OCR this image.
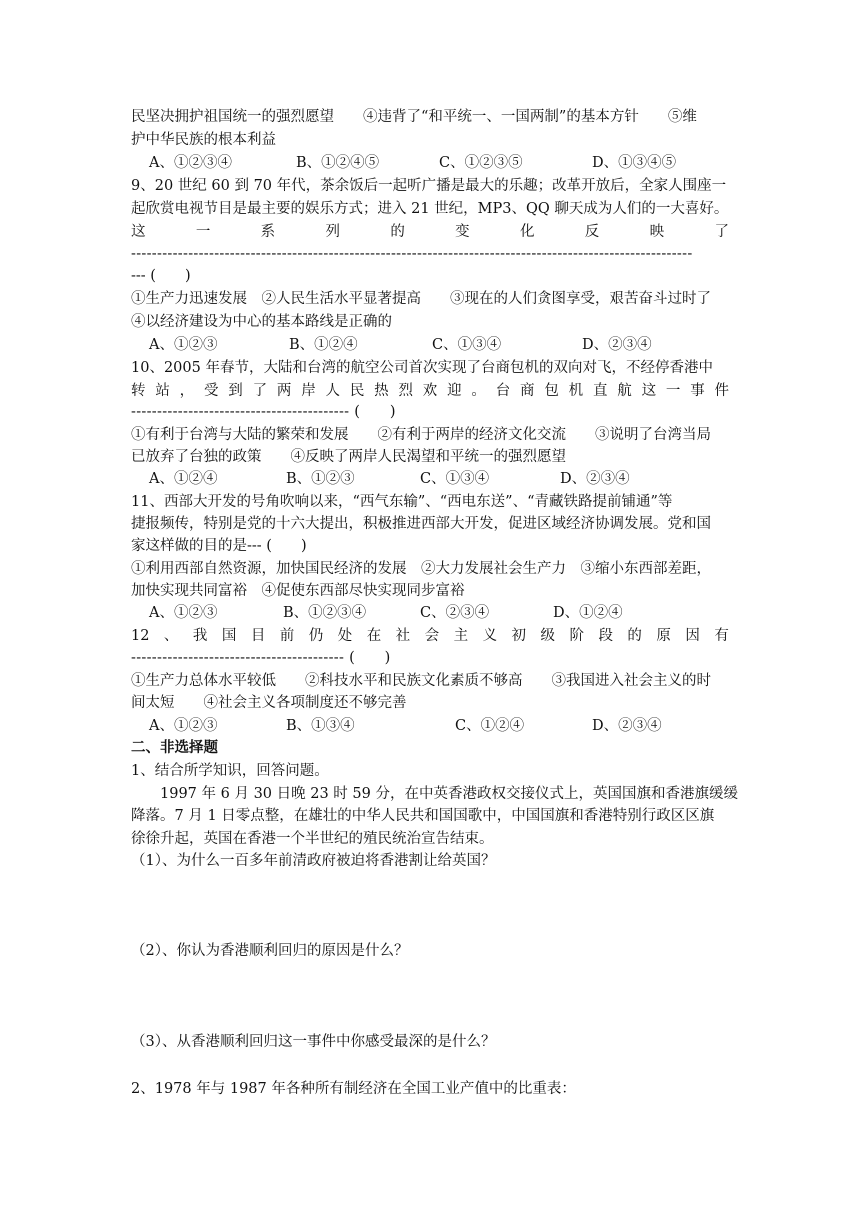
民坚决拥护祖国统一的强烈愿望　　④违背了“和平统一、一国两制”的基本方针　　⑤维
护中华民族的根本利益
A、①②③④	B、①②④⑤	C、①②③⑤	D、①③④⑤
9、20 世纪 60 到 70 年代，茶余饭后一起听广播是最大的乐趣；改革开放后，全家人围座一
起欣赏电视节目是最主要的娱乐方式；进入 21 世纪，MP3、QQ 聊天成为人们的一大喜好。
这	一	系	列	的	变	化	反	映	了
------------------------------------------------------------------------------------------------------------
--- (　　)
①生产力迅速发展　②人民生活水平显著提高　　③现在的人们贪图享受，艰苦奋斗过时了
④以经济建设为中心的基本路线是正确的
A、①②③	B、①②④	C、①③④	D、②③④
10、2005 年春节，大陆和台湾的航空公司首次实现了台商包机的双向对飞，不经停香港中
转 站 ， 受 到 了 两 岸 人 民 热 烈 欢 迎 。 台 商 包 机 直 航 这 一 事 件
------------------------------------------ (　　)
①有利于台湾与大陆的繁荣和发展　　②有利于两岸的经济文化交流　　③说明了台湾当局
已放弃了台独的政策　　④反映了两岸人民渴望和平统一的强烈愿望
A、①②④	B、①②③	C、①③④	D、②③④
11、西部大开发的号角吹响以来，“西气东输”、“西电东送”、“青藏铁路提前铺通”等
捷报频传，特别是党的十六大提出，积极推进西部大开发，促进区域经济协调发展。党和国
家这样做的目的是--- (　　)
①利用西部自然资源，加快国民经济的发展　②大力发展社会生产力　③缩小东西部差距，
加快实现共同富裕　④促使东西部尽快实现同步富裕
A、①②③	B、①②③④	C、②③④	D、①②④
12 、 我 国 目 前 仍 处 在 社 会 主 义 初 级 阶 段 的 原 因 有
----------------------------------------- (　　)
①生产力总体水平较低　　②科技水平和民族文化素质不够高　　③我国进入社会主义的时
间太短　　④社会主义各项制度还不够完善
A、①②③	B、①③④	C、①②④	D、②③④
二、非选择题
1、结合所学知识，回答问题。
　　1997 年 6 月 30 日晚 23 时 59 分，在中英香港政权交接仪式上，英国国旗和香港旗缓缓
降落。7 月 1 日零点整，在雄壮的中华人民共和国国歌中，中国国旗和香港特别行政区区旗
徐徐升起，英国在香港一个半世纪的殖民统治宣告结束。
（1）、为什么一百多年前清政府被迫将香港割让给英国？
（2）、你认为香港顺利回归的原因是什么？
（3）、从香港顺利回归这一事件中你感受最深的是什么？
2、1978 年与 1987 年各种所有制经济在全国工业产值中的比重表：
